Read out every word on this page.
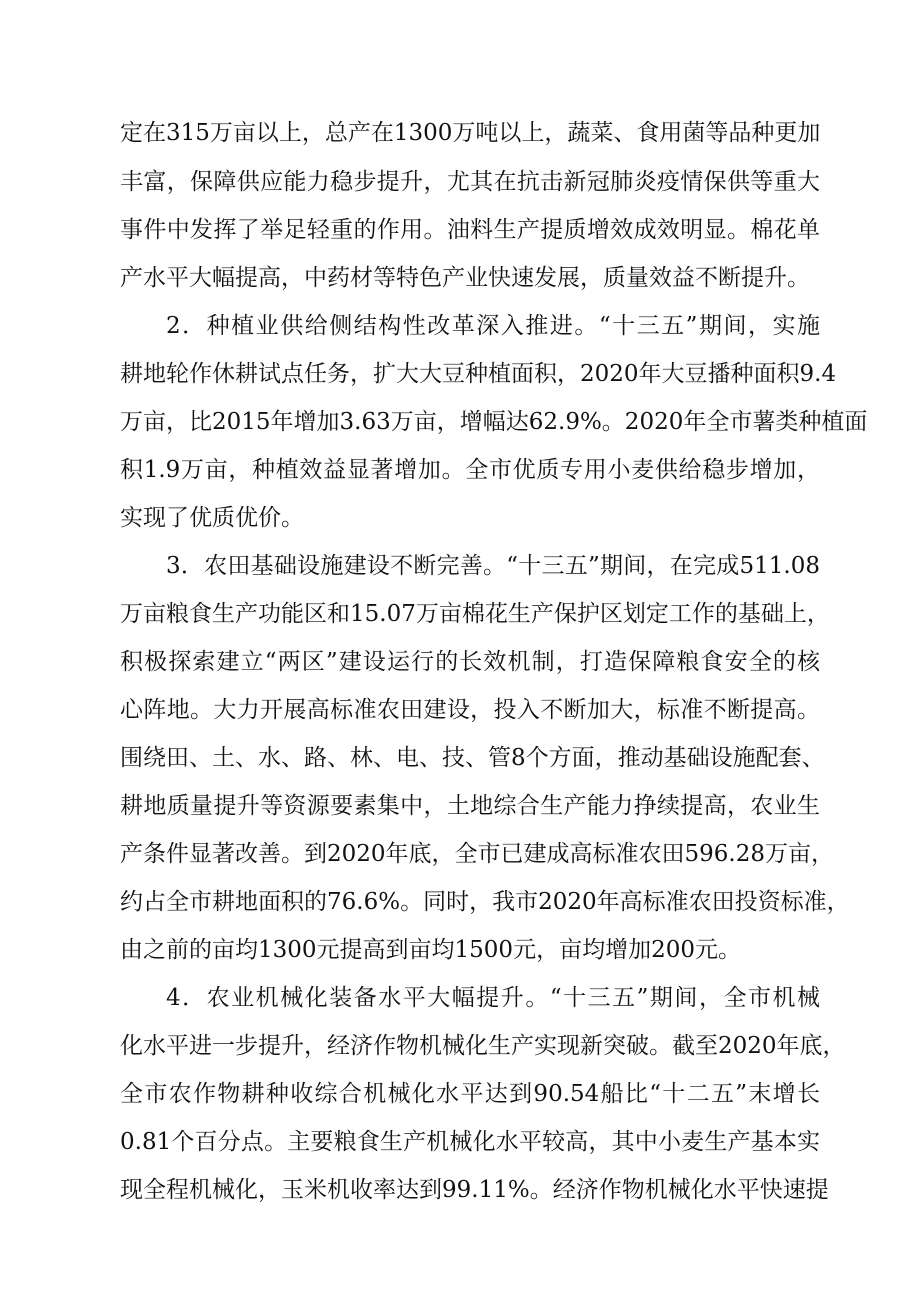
定在315万亩以上，总产在1300万吨以上，蔬菜、食用菌等品种更加
丰富，保障供应能力稳步提升，尤其在抗击新冠肺炎疫情保供等重大
事件中发挥了举足轻重的作用。油料生产提质增效成效明显。棉花单
产水平大幅提高，中药材等特色产业快速发展，质量效益不断提升。
2．种植业供给侧结构性改革深入推进。“十三五”期间，实施
耕地轮作休耕试点任务，扩大大豆种植面积，2020年大豆播种面积9.4
万亩，比2015年增加3.63万亩，增幅达62.9%。2020年全市薯类种植面
积1.9万亩，种植效益显著增加。全市优质专用小麦供给稳步增加，
实现了优质优价。
3．农田基础设施建设不断完善。“十三五”期间，在完成511.08
万亩粮食生产功能区和15.07万亩棉花生产保护区划定工作的基础上，
积极探索建立“两区”建设运行的长效机制，打造保障粮食安全的核
心阵地。大力开展高标准农田建设，投入不断加大，标准不断提高。
围绕田、土、水、路、林、电、技、管8个方面，推动基础设施配套、
耕地质量提升等资源要素集中，土地综合生产能力挣续提高，农业生
产条件显著改善。到2020年底，全市已建成高标准农田596.28万亩，
约占全市耕地面积的76.6%。同时，我市2020年高标准农田投资标准，
由之前的亩均1300元提高到亩均1500元，亩均增加200元。
4．农业机械化装备水平大幅提升。“十三五”期间，全市机械
化水平进一步提升，经济作物机械化生产实现新突破。截至2020年底，
全市农作物耕种收综合机械化水平达到90.54船比“十二五”末增长
0.81个百分点。主要粮食生产机械化水平较高，其中小麦生产基本实
现全程机械化，玉米机收率达到99.11%。经济作物机械化水平快速提
